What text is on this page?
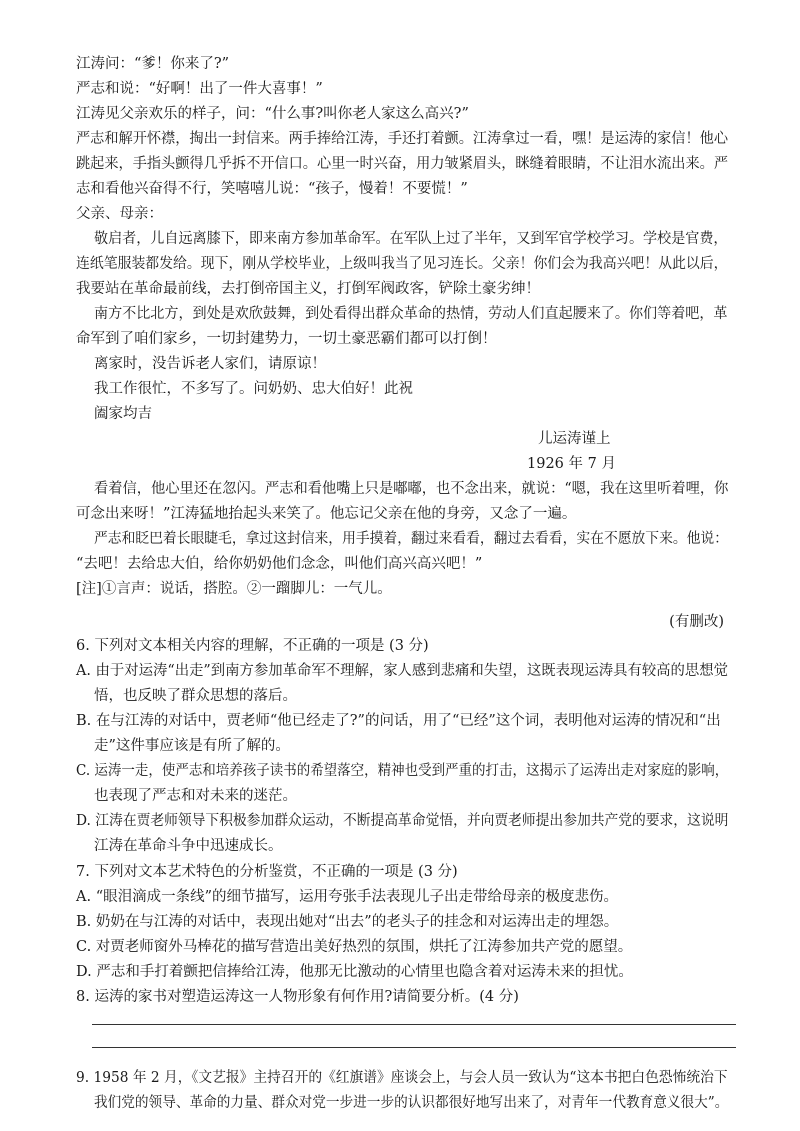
江涛问：“爹！你来了?”
严志和说：“好啊！出了一件大喜事！”
江涛见父亲欢乐的样子，问：“什么事?叫你老人家这么高兴?”
严志和解开怀襟，掏出一封信来。两手捧给江涛，手还打着颤。江涛拿过一看，嘿！是运涛的家信！他心
跳起来，手指头颤得几乎拆不开信口。心里一时兴奋，用力皱紧眉头，眯缝着眼睛，不让泪水流出来。严
志和看他兴奋得不行，笑嘻嘻儿说：“孩子，慢着！不要慌！”
父亲、母亲：
敬启者，儿自远离膝下，即来南方参加革命军。在军队上过了半年，又到军官学校学习。学校是官费，
连纸笔服装都发给。现下，刚从学校毕业，上级叫我当了见习连长。父亲！你们会为我高兴吧！从此以后，
我要站在革命最前线，去打倒帝国主义，打倒军阀政客，铲除土豪劣绅！
南方不比北方，到处是欢欣鼓舞，到处看得出群众革命的热情，劳动人们直起腰来了。你们等着吧，革
命军到了咱们家乡，一切封建势力，一切土豪恶霸们都可以打倒！
离家时，没告诉老人家们，请原谅！
我工作很忙，不多写了。问奶奶、忠大伯好！此祝
阖家均吉
儿运涛谨上
1926 年 7 月
看着信，他心里还在忽闪。严志和看他嘴上只是嘟嘟，也不念出来，就说：“嗯，我在这里听着哩，你
可念出来呀！”江涛猛地抬起头来笑了。他忘记父亲在他的身旁，又念了一遍。
严志和眨巴着长眼睫毛，拿过这封信来，用手摸着，翻过来看看，翻过去看看，实在不愿放下来。他说：
“去吧！去给忠大伯，给你奶奶他们念念，叫他们高兴高兴吧！”
[注]①言声：说话，搭腔。②一蹓脚儿：一气儿。
(有删改)
6. 下列对文本相关内容的理解，不正确的一项是 (3 分)
A. 由于对运涛“出走”到南方参加革命军不理解，家人感到悲痛和失望，这既表现运涛具有较高的思想觉
悟，也反映了群众思想的落后。
B. 在与江涛的对话中，贾老师“他已经走了?”的问话，用了“已经”这个词，表明他对运涛的情况和“出
走”这件事应该是有所了解的。
C. 运涛一走，使严志和培养孩子读书的希望落空，精神也受到严重的打击，这揭示了运涛出走对家庭的影响，
也表现了严志和对未来的迷茫。
D. 江涛在贾老师领导下积极参加群众运动，不断提高革命觉悟，并向贾老师提出参加共产党的要求，这说明
江涛在革命斗争中迅速成长。
7. 下列对文本艺术特色的分析鉴赏，不正确的一项是 (3 分)
A. “眼泪滴成一条线”的细节描写，运用夸张手法表现儿子出走带给母亲的极度悲伤。
B. 奶奶在与江涛的对话中，表现出她对“出去”的老头子的挂念和对运涛出走的埋怨。
C. 对贾老师窗外马棒花的描写营造出美好热烈的氛围，烘托了江涛参加共产党的愿望。
D. 严志和手打着颤把信捧给江涛，他那无比激动的心情里也隐含着对运涛未来的担忧。
8. 运涛的家书对塑造运涛这一人物形象有何作用?请简要分析。(4 分)
9. 1958 年 2 月，《文艺报》主持召开的《红旗谱》座谈会上，与会人员一致认为“这本书把白色恐怖统治下
我们党的领导、革命的力量、群众对党一步进一步的认识都很好地写出来了，对青年一代教育意义很大”。
